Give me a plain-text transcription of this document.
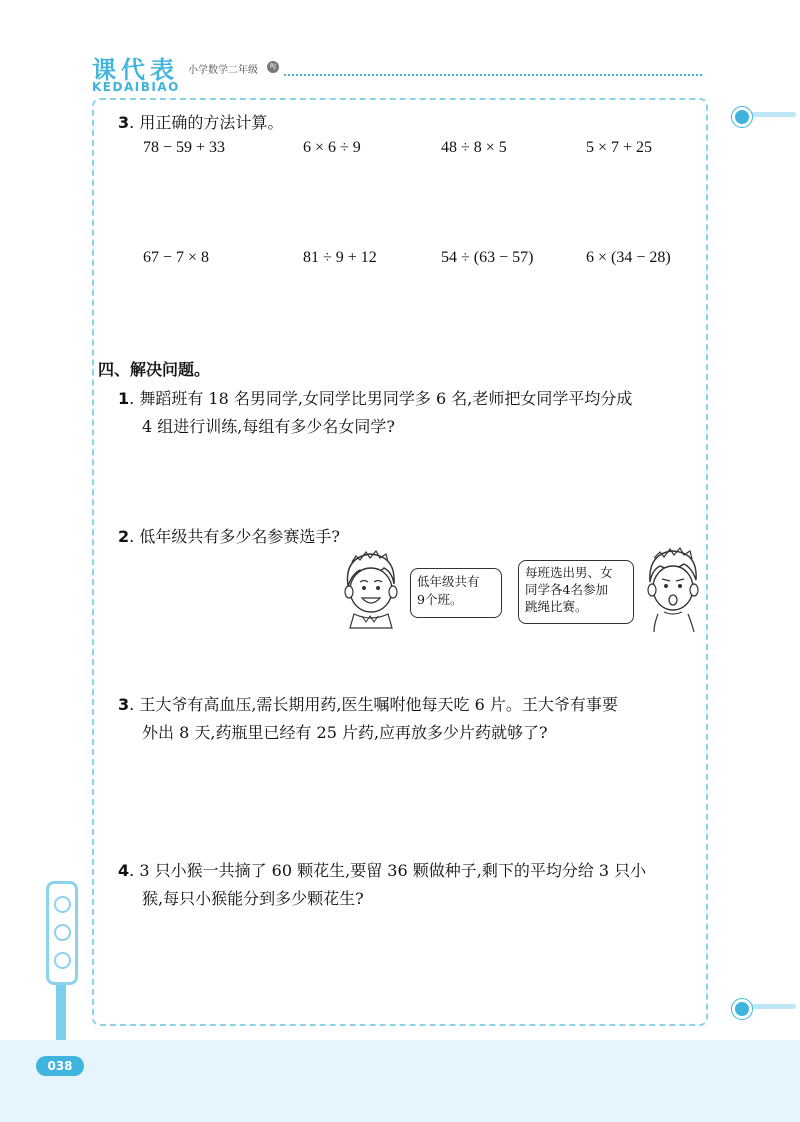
课代表
KEDAIBIAO
小学数学二年级	RJ
3. 用正确的方法计算。
78 − 59 + 33	6 × 6 ÷ 9	48 ÷ 8 × 5	5 × 7 + 25
67 − 7 × 8	81 ÷ 9 + 12	54 ÷ (63 − 57)	6 × (34 − 28)
四、解决问题。
1. 舞蹈班有 18 名男同学,女同学比男同学多 6 名,老师把女同学平均分成
4 组进行训练,每组有多少名女同学?
2. 低年级共有多少名参赛选手?
低年级共有
9个班。
每班选出男、女
同学各4名参加
跳绳比赛。
3. 王大爷有高血压,需长期用药,医生嘱咐他每天吃 6 片。王大爷有事要
外出 8 天,药瓶里已经有 25 片药,应再放多少片药就够了?
4. 3 只小猴一共摘了 60 颗花生,要留 36 颗做种子,剩下的平均分给 3 只小
猴,每只小猴能分到多少颗花生?
038
